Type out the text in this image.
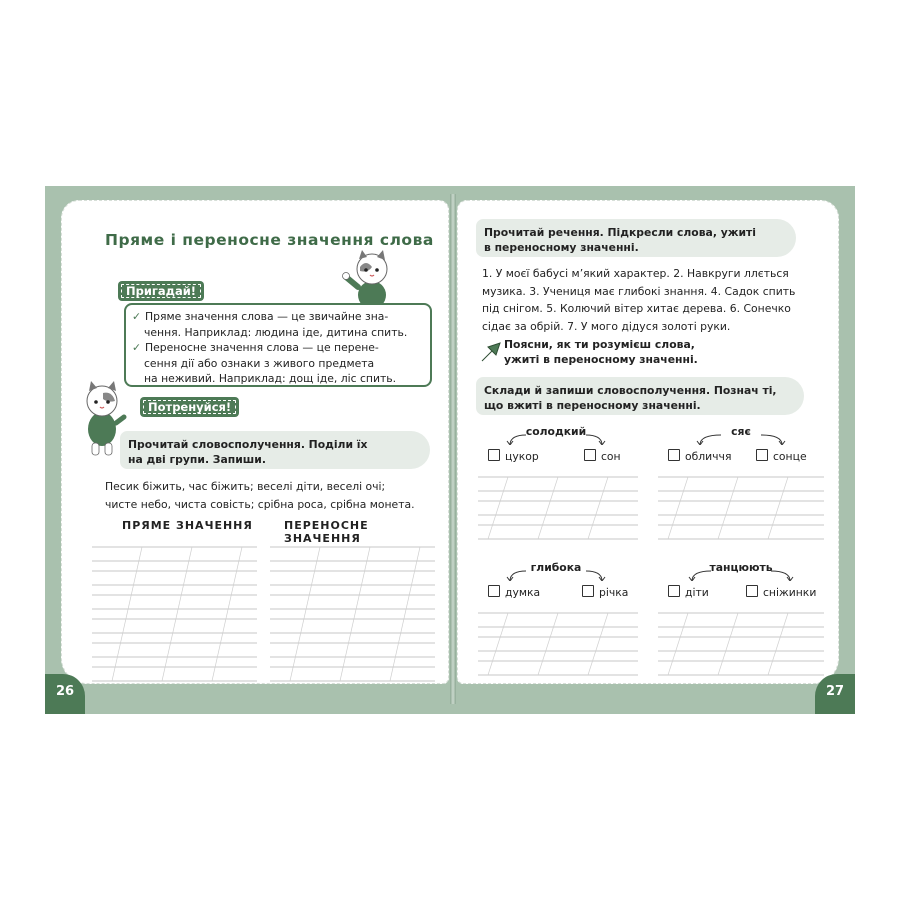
Пряме і переносне значення слова
Пригадай!

✓ Пряме значення слова — це звичайне зна-

чення. Наприклад: людина іде, дитина спить.

✓ Переносне значення слова — це перене-

сення дії або ознаки з живого предмета

на неживий. Наприклад: дощ іде, ліс спить.

Потренуйся!
Прочитай словосполучення. Поділи їх
на дві групи. Запиши.
Песик біжить, час біжить; веселі діти, веселі очі;
чисте небо, чиста совість; срібна роса, срібна монета.
ПРЯМЕ ЗНАЧЕННЯ	ПЕРЕНОСНЕ ЗНАЧЕННЯ
26
Прочитай речення. Підкресли слова, ужиті
в переносному значенні.
1. У моєї бабусі м’який характер. 2. Навкруги ллється
музика. 3. Учениця має глибокі знання. 4. Садок спить
під снігом. 5. Колючий вітер хитає дерева. 6. Сонечко
сідає за обрій. 7. У мого дідуся золоті руки.
Поясни, як ти розумієш слова,
ужиті в переносному значенні.
Склади й запиши словосполучення. Познач ті,
що вжиті в переносному значенні.
солодкий
цукор	сон
сяє
обличчя	сонце
глибока
думка	річка
танцюють
діти	сніжинки
27
